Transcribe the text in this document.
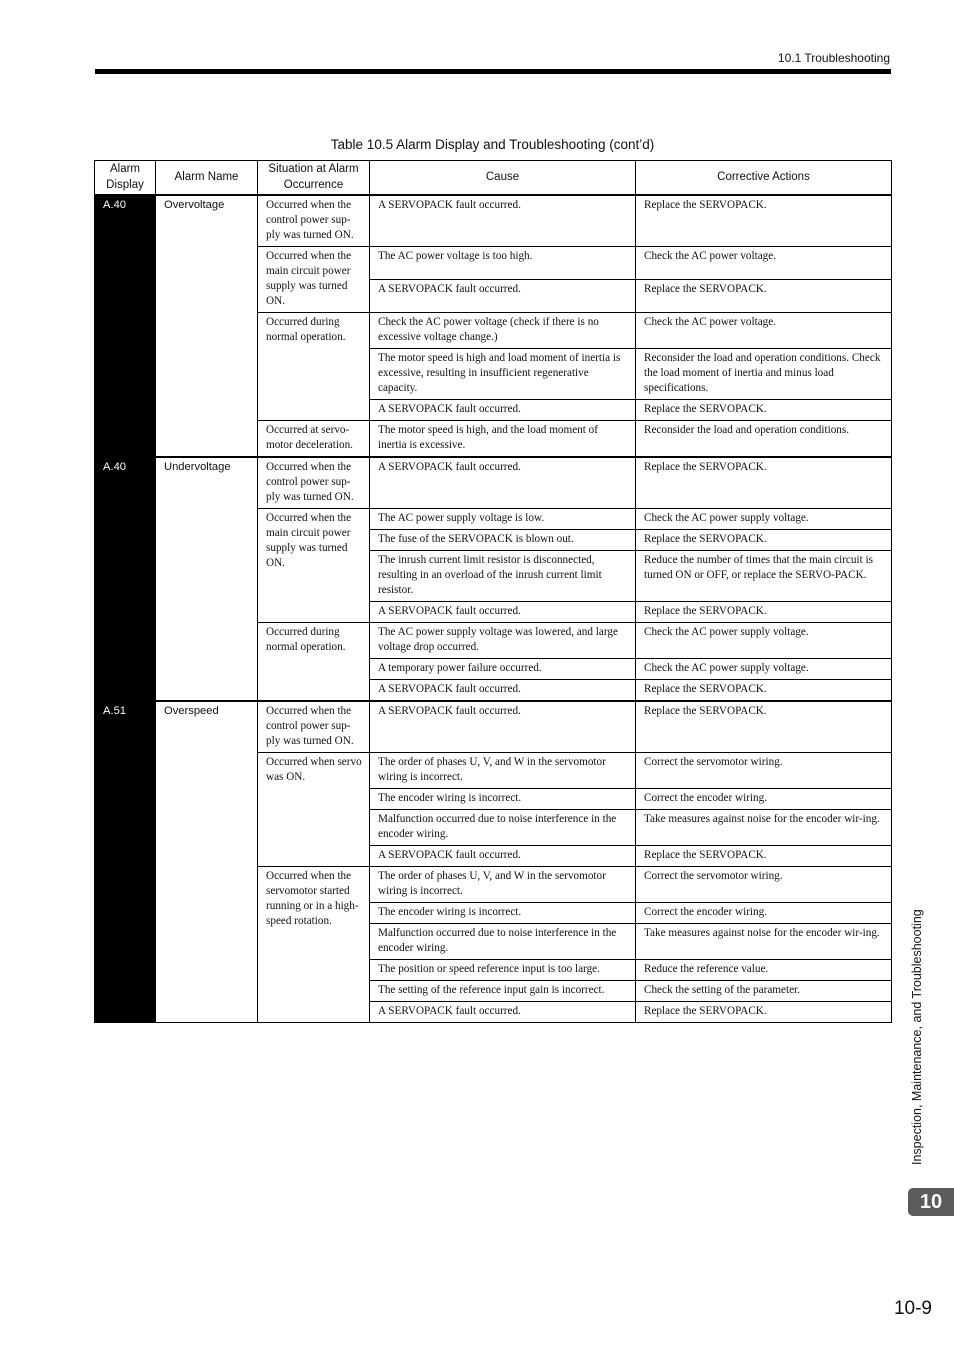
10.1 Troubleshooting
Table 10.5 Alarm Display and Troubleshooting (cont’d)
Alarm Display	Alarm Name	Situation at Alarm Occurrence	Cause	Corrective Actions
A.40	Overvoltage	Occurred when the control power sup-ply was turned ON.	A SERVOPACK fault occurred.	Replace the SERVOPACK.
		Occurred when the main circuit power supply was turned ON.	The AC power voltage is too high.	Check the AC power voltage.
			A SERVOPACK fault occurred.	Replace the SERVOPACK.
		Occurred during normal operation.	Check the AC power voltage (check if there is no excessive voltage change.)	Check the AC power voltage.
			The motor speed is high and load moment of inertia is excessive, resulting in insufficient regenerative capacity.	Reconsider the load and operation conditions. Check the load moment of inertia and minus load specifications.
			A SERVOPACK fault occurred.	Replace the SERVOPACK.
		Occurred at servo-motor deceleration.	The motor speed is high, and the load moment of inertia is excessive.	Reconsider the load and operation conditions.
A.40	Undervoltage	Occurred when the control power sup-ply was turned ON.	A SERVOPACK fault occurred.	Replace the SERVOPACK.
		Occurred when the main circuit power supply was turned ON.	The AC power supply voltage is low.	Check the AC power supply voltage.
			The fuse of the SERVOPACK is blown out.	Replace the SERVOPACK.
			The inrush current limit resistor is disconnected, resulting in an overload of the inrush current limit resistor.	Reduce the number of times that the main circuit is turned ON or OFF, or replace the SERVO-PACK.
			A SERVOPACK fault occurred.	Replace the SERVOPACK.
		Occurred during normal operation.	The AC power supply voltage was lowered, and large voltage drop occurred.	Check the AC power supply voltage.
			A temporary power failure occurred.	Check the AC power supply voltage.
			A SERVOPACK fault occurred.	Replace the SERVOPACK.
A.51	Overspeed	Occurred when the control power sup-ply was turned ON.	A SERVOPACK fault occurred.	Replace the SERVOPACK.
		Occurred when servo was ON.	The order of phases U, V, and W in the servomotor wiring is incorrect.	Correct the servomotor wiring.
			The encoder wiring is incorrect.	Correct the encoder wiring.
			Malfunction occurred due to noise interference in the encoder wiring.	Take measures against noise for the encoder wir-ing.
			A SERVOPACK fault occurred.	Replace the SERVOPACK.
		Occurred when the servomotor started running or in a high-speed rotation.	The order of phases U, V, and W in the servomotor wiring is incorrect.	Correct the servomotor wiring.
			The encoder wiring is incorrect.	Correct the encoder wiring.
			Malfunction occurred due to noise interference in the encoder wiring.	Take measures against noise for the encoder wir-ing.
			The position or speed reference input is too large.	Reduce the reference value.
			The setting of the reference input gain is incorrect.	Check the setting of the parameter.
			A SERVOPACK fault occurred.	Replace the SERVOPACK.	Inspection, Maintenance, and Troubleshooting
10
10-9
